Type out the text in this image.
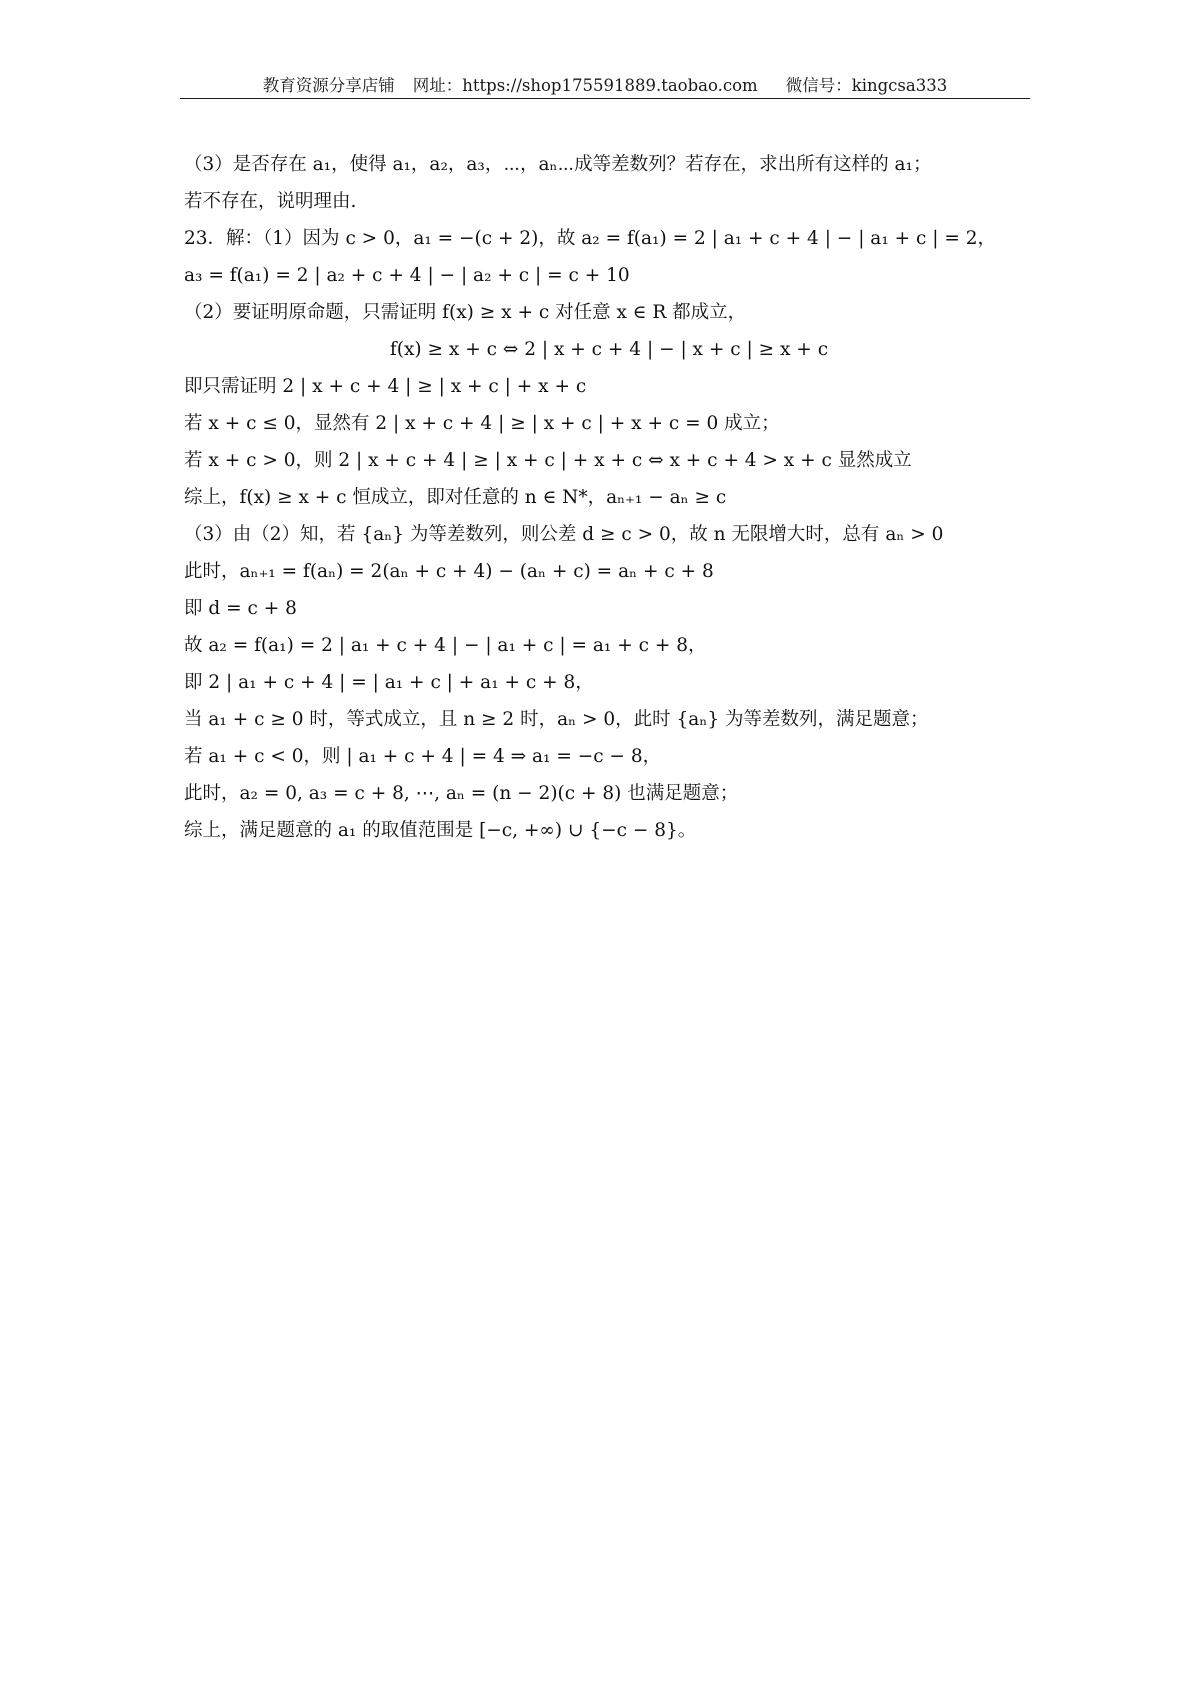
教育资源分享店铺 网址：https://shop175591889.taobao.com 微信号：kingcsa333
（3）是否存在 a₁，使得 a₁，a₂，a₃，⋯，aₙ⋯成等差数列？若存在，求出所有这样的 a₁；
若不存在，说明理由.
23．解：（1）因为 c > 0，a₁ = −(c + 2)，故 a₂ = f(a₁) = 2 | a₁ + c + 4 | − | a₁ + c | = 2，
a₃ = f(a₁) = 2 | a₂ + c + 4 | − | a₂ + c | = c + 10
（2）要证明原命题，只需证明 f(x) ≥ x + c 对任意 x ∈ R 都成立，
f(x) ≥ x + c ⇔ 2 | x + c + 4 | − | x + c | ≥ x + c
即只需证明 2 | x + c + 4 | ≥ | x + c | + x + c
若 x + c ≤ 0，显然有 2 | x + c + 4 | ≥ | x + c | + x + c = 0 成立；
若 x + c > 0，则 2 | x + c + 4 | ≥ | x + c | + x + c ⇔ x + c + 4 > x + c 显然成立
综上，f(x) ≥ x + c 恒成立，即对任意的 n ∈ N*，aₙ₊₁ − aₙ ≥ c
（3）由（2）知，若 {aₙ} 为等差数列，则公差 d ≥ c > 0，故 n 无限增大时，总有 aₙ > 0
此时，aₙ₊₁ = f(aₙ) = 2(aₙ + c + 4) − (aₙ + c) = aₙ + c + 8
即 d = c + 8
故 a₂ = f(a₁) = 2 | a₁ + c + 4 | − | a₁ + c | = a₁ + c + 8，
即 2 | a₁ + c + 4 | = | a₁ + c | + a₁ + c + 8，
当 a₁ + c ≥ 0 时，等式成立，且 n ≥ 2 时，aₙ > 0，此时 {aₙ} 为等差数列，满足题意；
若 a₁ + c < 0，则 | a₁ + c + 4 | = 4 ⇒ a₁ = −c − 8，
此时，a₂ = 0, a₃ = c + 8, ⋯, aₙ = (n − 2)(c + 8) 也满足题意；
综上，满足题意的 a₁ 的取值范围是 [−c, +∞) ∪ {−c − 8}。
